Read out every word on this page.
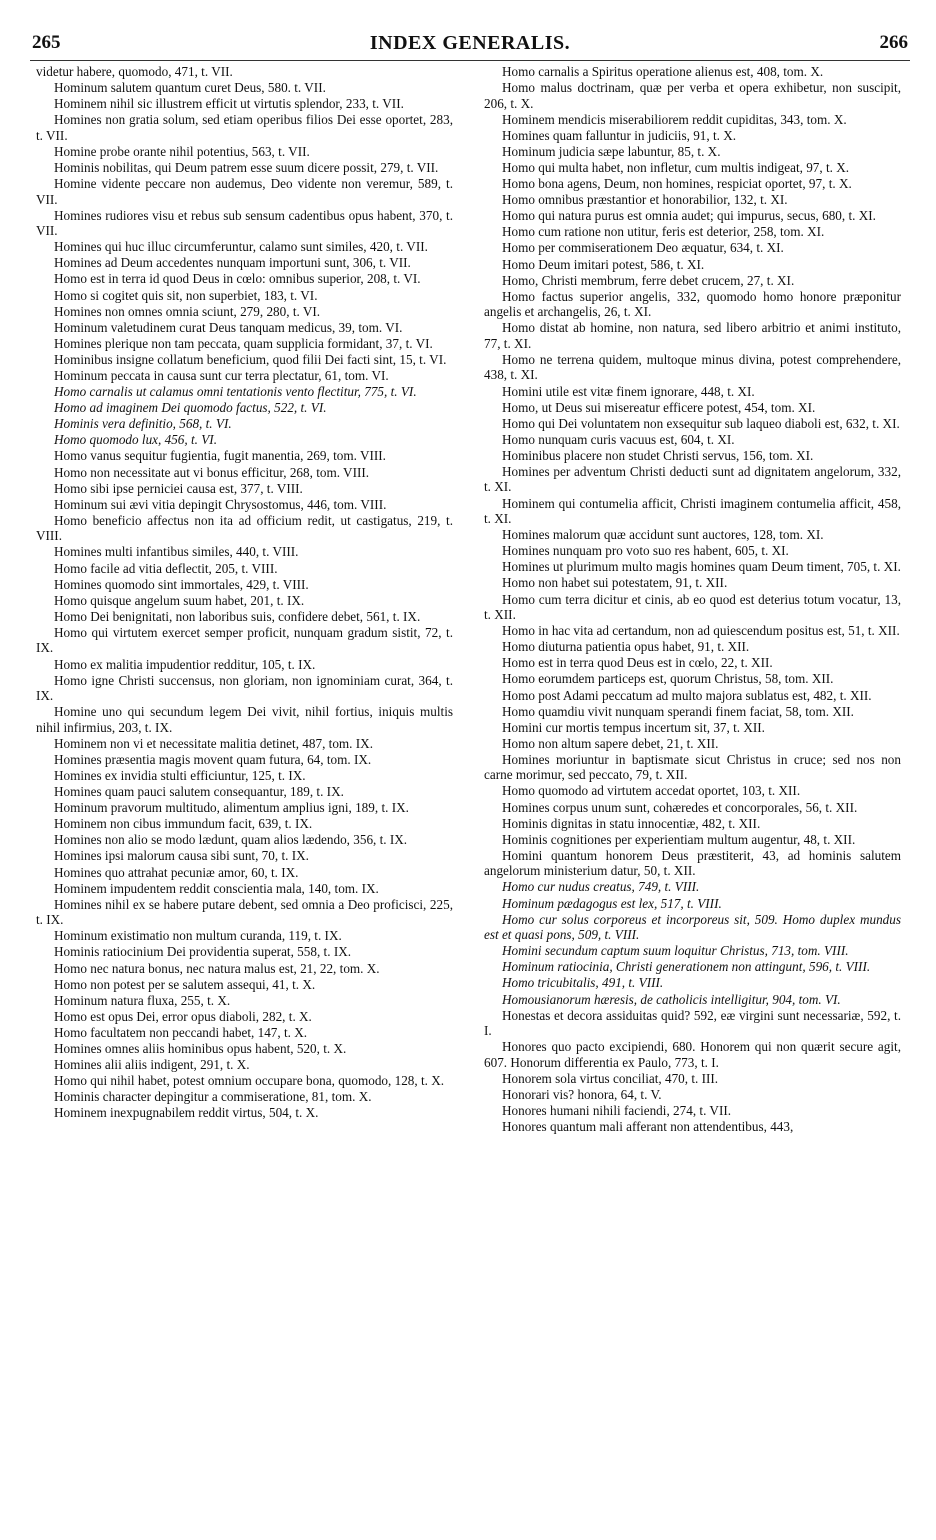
265	INDEX GENERALIS.	266

videtur habere, quomodo, 471, t. VII.

Hominum salutem quantum curet Deus, 580. t. VII.

Hominem nihil sic illustrem efficit ut virtutis splendor, 233, t. VII.

Homines non gratia solum, sed etiam operibus filios Dei esse oportet, 283, t. VII.

Homine probe orante nihil potentius, 563, t. VII.

Hominis nobilitas, qui Deum patrem esse suum dicere possit, 279, t. VII.

Homine vidente peccare non audemus, Deo vidente non veremur, 589, t. VII.

Homines rudiores visu et rebus sub sensum cadentibus opus habent, 370, t. VII.

Homines qui huc illuc circumferuntur, calamo sunt similes, 420, t. VII.

Homines ad Deum accedentes nunquam importuni sunt, 306, t. VII.

Homo est in terra id quod Deus in cœlo: omnibus superior, 208, t. VI.

Homo si cogitet quis sit, non superbiet, 183, t. VI.

Homines non omnes omnia sciunt, 279, 280, t. VI.

Hominum valetudinem curat Deus tanquam medicus, 39, tom. VI.

Homines plerique non tam peccata, quam supplicia formidant, 37, t. VI.

Hominibus insigne collatum beneficium, quod filii Dei facti sint, 15, t. VI.

Hominum peccata in causa sunt cur terra plectatur, 61, tom. VI.

Homo carnalis ut calamus omni tentationis vento flectitur, 775, t. VI.

Homo ad imaginem Dei quomodo factus, 522, t. VI.

Hominis vera definitio, 568, t. VI.

Homo quomodo lux, 456, t. VI.

Homo vanus sequitur fugientia, fugit manentia, 269, tom. VIII.

Homo non necessitate aut vi bonus efficitur, 268, tom. VIII.

Homo sibi ipse perniciei causa est, 377, t. VIII.

Hominum sui ævi vitia depingit Chrysostomus, 446, tom. VIII.

Homo beneficio affectus non ita ad officium redit, ut castigatus, 219, t. VIII.

Homines multi infantibus similes, 440, t. VIII.

Homo facile ad vitia deflectit, 205, t. VIII.

Homines quomodo sint immortales, 429, t. VIII.

Homo quisque angelum suum habet, 201, t. IX.

Homo Dei benignitati, non laboribus suis, confidere debet, 561, t. IX.

Homo qui virtutem exercet semper proficit, nunquam gradum sistit, 72, t. IX.

Homo ex malitia impudentior redditur, 105, t. IX.

Homo igne Christi succensus, non gloriam, non ignominiam curat, 364, t. IX.

Homine uno qui secundum legem Dei vivit, nihil fortius, iniquis multis nihil infirmius, 203, t. IX.

Hominem non vi et necessitate malitia detinet, 487, tom. IX.

Homines præsentia magis movent quam futura, 64, tom. IX.

Homines ex invidia stulti efficiuntur, 125, t. IX.

Homines quam pauci salutem consequantur, 189, t. IX.

Hominum pravorum multitudo, alimentum amplius igni, 189, t. IX.

Hominem non cibus immundum facit, 639, t. IX.

Homines non alio se modo lædunt, quam alios lædendo, 356, t. IX.

Homines ipsi malorum causa sibi sunt, 70, t. IX.

Homines quo attrahat pecuniæ amor, 60, t. IX.

Hominem impudentem reddit conscientia mala, 140, tom. IX.

Homines nihil ex se habere putare debent, sed omnia a Deo proficisci, 225, t. IX.

Hominum existimatio non multum curanda, 119, t. IX.

Hominis ratiocinium Dei providentia superat, 558, t. IX.

Homo nec natura bonus, nec natura malus est, 21, 22, tom. X.

Homo non potest per se salutem assequi, 41, t. X.

Hominum natura fluxa, 255, t. X.

Homo est opus Dei, error opus diaboli, 282, t. X.

Homo facultatem non peccandi habet, 147, t. X.

Homines omnes aliis hominibus opus habent, 520, t. X.

Homines alii aliis indigent, 291, t. X.

Homo qui nihil habet, potest omnium occupare bona, quomodo, 128, t. X.

Hominis character depingitur a commiseratione, 81, tom. X.

Hominem inexpugnabilem reddit virtus, 504, t. X.

Homo carnalis a Spiritus operatione alienus est, 408, tom. X.

Homo malus doctrinam, quæ per verba et opera exhibetur, non suscipit, 206, t. X.

Hominem mendicis miserabiliorem reddit cupiditas, 343, tom. X.

Homines quam falluntur in judiciis, 91, t. X.

Hominum judicia sæpe labuntur, 85, t. X.

Homo qui multa habet, non infletur, cum multis indigeat, 97, t. X.

Homo bona agens, Deum, non homines, respiciat oportet, 97, t. X.

Homo omnibus præstantior et honorabilior, 132, t. XI.

Homo qui natura purus est omnia audet; qui impurus, secus, 680, t. XI.

Homo cum ratione non utitur, feris est deterior, 258, tom. XI.

Homo per commiserationem Deo æquatur, 634, t. XI.

Homo Deum imitari potest, 586, t. XI.

Homo, Christi membrum, ferre debet crucem, 27, t. XI.

Homo factus superior angelis, 332, quomodo homo honore præponitur angelis et archangelis, 26, t. XI.

Homo distat ab homine, non natura, sed libero arbitrio et animi instituto, 77, t. XI.

Homo ne terrena quidem, multoque minus divina, potest comprehendere, 438, t. XI.

Homini utile est vitæ finem ignorare, 448, t. XI.

Homo, ut Deus sui misereatur efficere potest, 454, tom. XI.

Homo qui Dei voluntatem non exsequitur sub laqueo diaboli est, 632, t. XI.

Homo nunquam curis vacuus est, 604, t. XI.

Hominibus placere non studet Christi servus, 156, tom. XI.

Homines per adventum Christi deducti sunt ad dignitatem angelorum, 332, t. XI.

Hominem qui contumelia afficit, Christi imaginem contumelia afficit, 458, t. XI.

Homines malorum quæ accidunt sunt auctores, 128, tom. XI.

Homines nunquam pro voto suo res habent, 605, t. XI.

Homines ut plurimum multo magis homines quam Deum timent, 705, t. XI.

Homo non habet sui potestatem, 91, t. XII.

Homo cum terra dicitur et cinis, ab eo quod est deterius totum vocatur, 13, t. XII.

Homo in hac vita ad certandum, non ad quiescendum positus est, 51, t. XII.

Homo diuturna patientia opus habet, 91, t. XII.

Homo est in terra quod Deus est in cœlo, 22, t. XII.

Homo eorumdem particeps est, quorum Christus, 58, tom. XII.

Homo post Adami peccatum ad multo majora sublatus est, 482, t. XII.

Homo quamdiu vivit nunquam sperandi finem faciat, 58, tom. XII.

Homini cur mortis tempus incertum sit, 37, t. XII.

Homo non altum sapere debet, 21, t. XII.

Homines moriuntur in baptismate sicut Christus in cruce; sed nos non carne morimur, sed peccato, 79, t. XII.

Homo quomodo ad virtutem accedat oportet, 103, t. XII.

Homines corpus unum sunt, cohæredes et concorporales, 56, t. XII.

Hominis dignitas in statu innocentiæ, 482, t. XII.

Hominis cognitiones per experientiam multum augentur, 48, t. XII.

Homini quantum honorem Deus præstiterit, 43, ad hominis salutem angelorum ministerium datur, 50, t. XII.

Homo cur nudus creatus, 749, t. VIII.

Hominum pædagogus est lex, 517, t. VIII.

Homo cur solus corporeus et incorporeus sit, 509. Homo duplex mundus est et quasi pons, 509, t. VIII.

Homini secundum captum suum loquitur Christus, 713, tom. VIII.

Hominum ratiocinia, Christi generationem non attingunt, 596, t. VIII.

Homo tricubitalis, 491, t. VIII.

Homousianorum hæresis, de catholicis intelligitur, 904, tom. VI.

Honestas et decora assiduitas quid? 592, eæ virgini sunt necessariæ, 592, t. I.

Honores quo pacto excipiendi, 680. Honorem qui non quærit secure agit, 607. Honorum differentia ex Paulo, 773, t. I.

Honorem sola virtus conciliat, 470, t. III.

Honorari vis? honora, 64, t. V.

Honores humani nihili faciendi, 274, t. VII.

Honores quantum mali afferant non attendentibus, 443,
